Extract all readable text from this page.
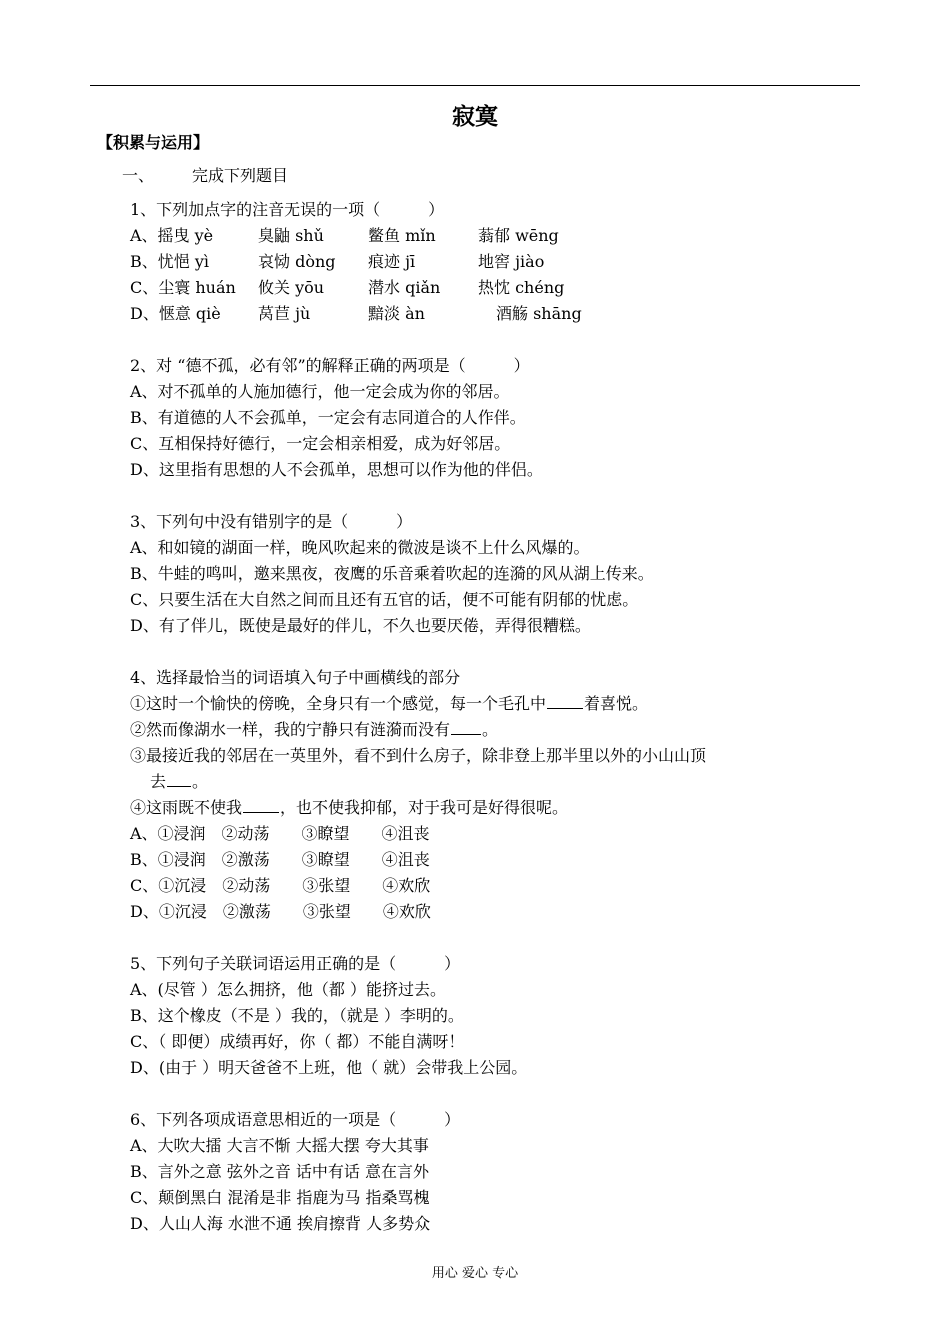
寂寞
【积累与运用】
一、 完成下列题目
1、下列加点字的注音无误的一项（　　　）
A、摇曳 yè	臭鼬 shǔ	鳖鱼 mǐn	蓊郁 wēng
B、忧悒 yì	哀恸 dòng 痕迹 jī	地窖 jiào
C、尘寰 huán 攸关 yōu	潜水 qiǎn 热忱 chéng
D、惬意 qiè 莴苣 jù	黯淡 àn	酒觞 shāng
2、对 “德不孤，必有邻”的解释正确的两项是（　　　）
A、对不孤单的人施加德行，他一定会成为你的邻居。
B、有道德的人不会孤单，一定会有志同道合的人作伴。
C、互相保持好德行，一定会相亲相爱，成为好邻居。
D、这里指有思想的人不会孤单，思想可以作为他的伴侣。
3、下列句中没有错别字的是（　　　）
A、和如镜的湖面一样，晚风吹起来的微波是谈不上什么风爆的。
B、牛蛙的鸣叫，邀来黑夜，夜鹰的乐音乘着吹起的连漪的风从湖上传来。
C、只要生活在大自然之间而且还有五官的话，便不可能有阴郁的忧虑。
D、有了伴儿，既使是最好的伴儿，不久也要厌倦，弄得很糟糕。
4、选择最恰当的词语填入句子中画横线的部分
①这时一个愉快的傍晚，全身只有一个感觉，每一个毛孔中 着喜悦。
②然而像湖水一样，我的宁静只有涟漪而没有 。
③最接近我的邻居在一英里外，看不到什么房子，除非登上那半里以外的小山山顶
去 。
④这雨既不使我 ，也不使我抑郁，对于我可是好得很呢。
A、①浸润　②动荡　　③瞭望　　④沮丧
B、①浸润　②激荡　　③瞭望　　④沮丧
C、①沉浸　②动荡　　③张望　　④欢欣
D、①沉浸　②激荡　　③张望　　④欢欣
5、下列句子关联词语运用正确的是（　　　）
A、(尽管 ）怎么拥挤，他（都 ）能挤过去。
B、这个橡皮（不是 ）我的，（就是 ）李明的。
C、（ 即便）成绩再好，你（ 都）不能自满呀！
D、(由于 ）明天爸爸不上班，他（ 就）会带我上公园。
6、下列各项成语意思相近的一项是（　　　）
A、大吹大擂 大言不惭 大摇大摆 夸大其事
B、言外之意 弦外之音 话中有话 意在言外
C、颠倒黑白 混淆是非 指鹿为马 指桑骂槐
D、人山人海 水泄不通 挨肩擦背 人多势众
用心 爱心 专心
